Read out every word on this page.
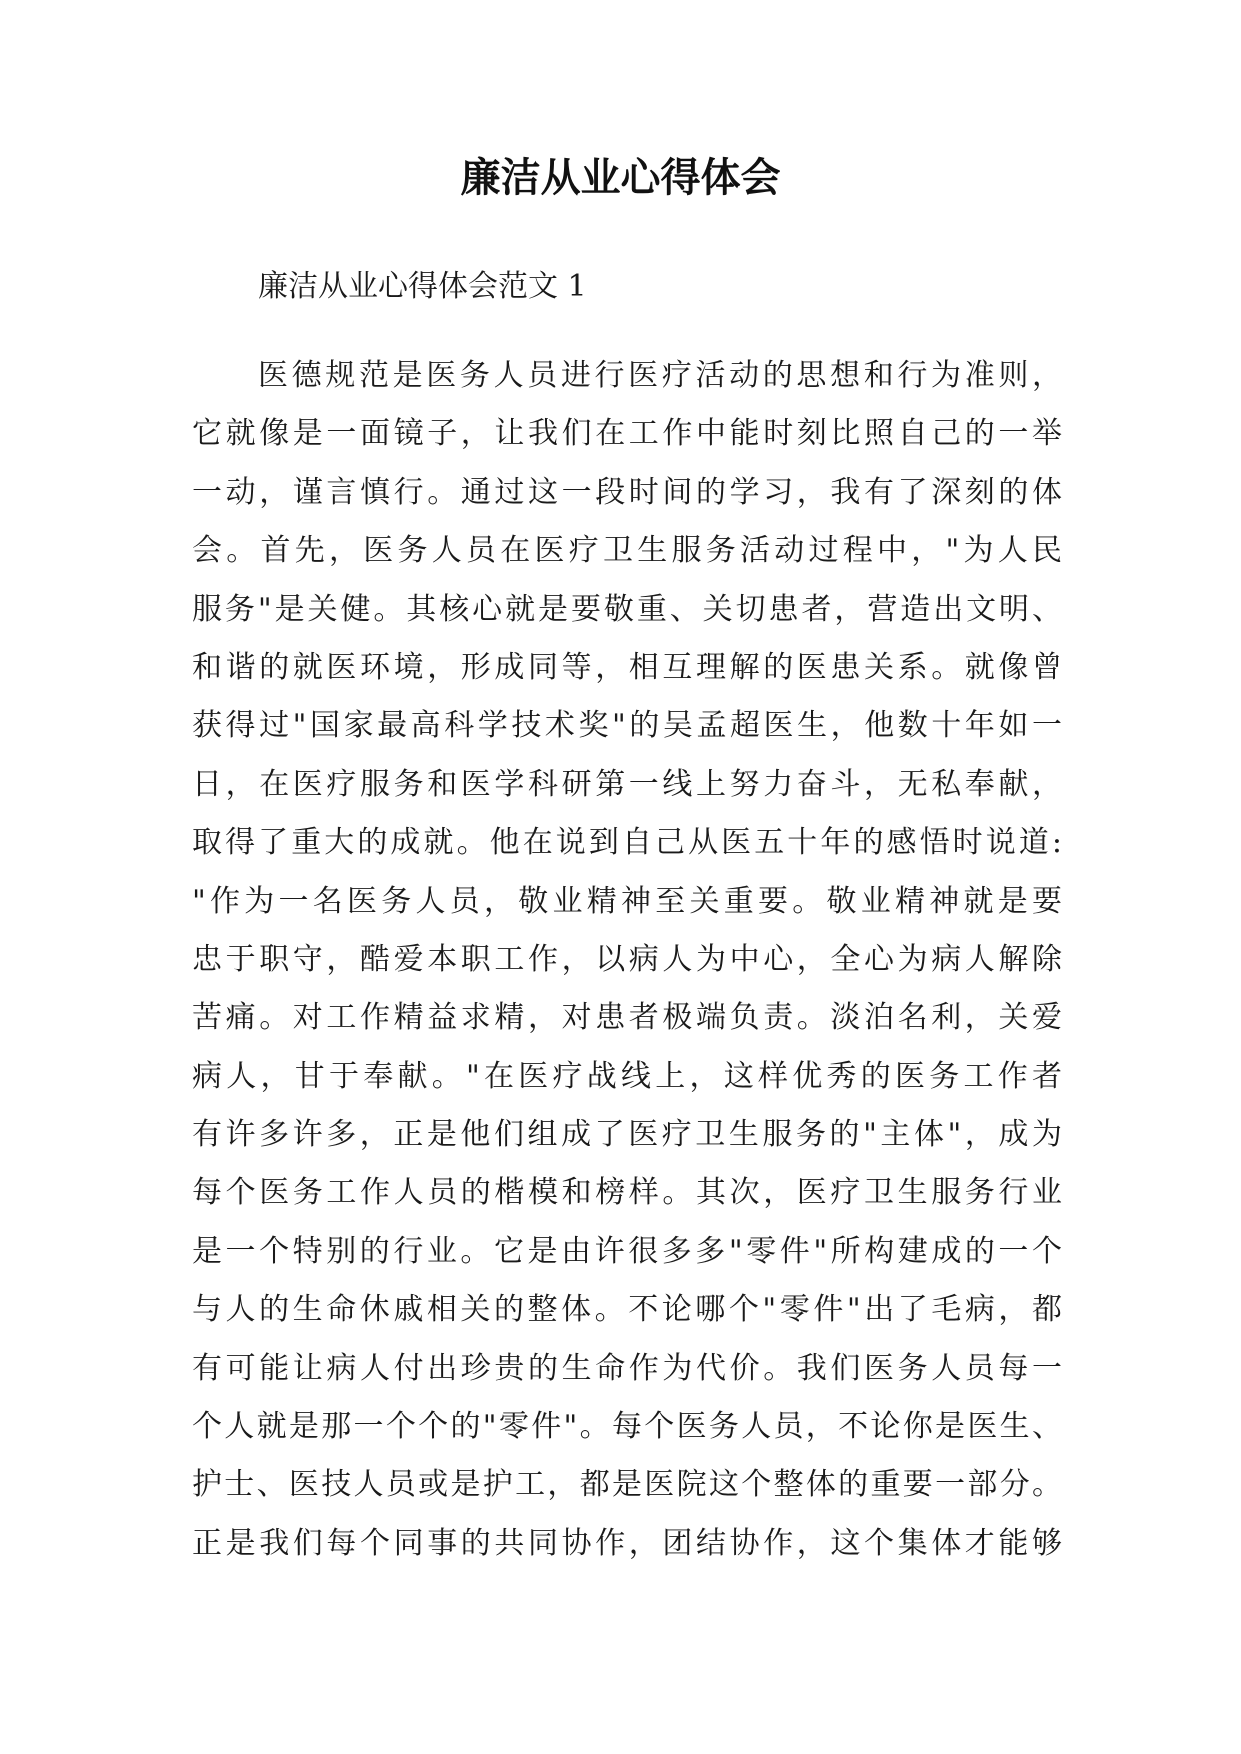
廉洁从业心得体会

廉洁从业心得体会范文 1

医德规范是医务人员进行医疗活动的思想和行为准则，
它就像是一面镜子，让我们在工作中能时刻比照自己的一举
一动，谨言慎行。通过这一段时间的学习，我有了深刻的体
会。首先，医务人员在医疗卫生服务活动过程中，"为人民
服务"是关健。其核心就是要敬重、关切患者，营造出文明、
和谐的就医环境，形成同等，相互理解的医患关系。就像曾
获得过"国家最高科学技术奖"的吴孟超医生，他数十年如一
日，在医疗服务和医学科研第一线上努力奋斗，无私奉献，
取得了重大的成就。他在说到自己从医五十年的感悟时说道:
"作为一名医务人员，敬业精神至关重要。敬业精神就是要
忠于职守，酷爱本职工作，以病人为中心，全心为病人解除
苦痛。对工作精益求精，对患者极端负责。淡泊名利，关爱
病人，甘于奉献。"在医疗战线上，这样优秀的医务工作者
有许多许多，正是他们组成了医疗卫生服务的"主体"，成为
每个医务工作人员的楷模和榜样。其次，医疗卫生服务行业
是一个特别的行业。它是由许很多多"零件"所构建成的一个
与人的生命休戚相关的整体。不论哪个"零件"出了毛病，都
有可能让病人付出珍贵的生命作为代价。我们医务人员每一
个人就是那一个个的"零件"。每个医务人员，不论你是医生、
护士、医技人员或是护工，都是医院这个整体的重要一部分。
正是我们每个同事的共同协作，团结协作，这个集体才能够
